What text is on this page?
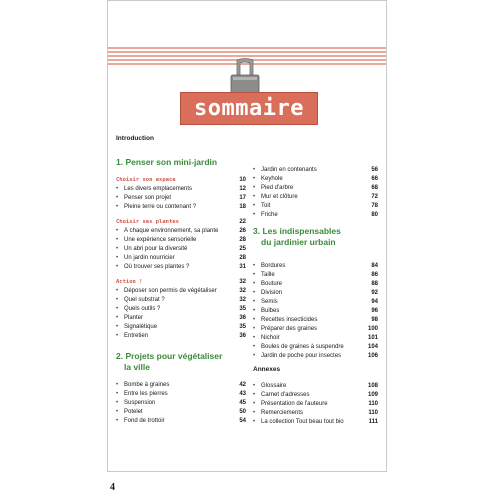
sommaire
Introduction
1. Penser son mini-jardin
Choisir son espace	10
• Les divers emplacements	12
• Penser son projet	17
• Pleine terre ou contenant ?	18
Choisir ses plantes	22
• À chaque environnement, sa plante	26
• Une expérience sensorielle	28
• Un abri pour la diversité	25
• Un jardin nourricier	28
• Où trouver ses plantes ?	31
Action !	32
• Déposer son permis de végétaliser	32
• Quel substrat ?	32
• Quels outils ?	35
• Planter	36
• Signalétique	35
• Entretien	36
2. Projets pour végétaliser
la ville
• Bombe à graines	42
• Entre les pierres	43
• Suspension	45
• Potelet	50
• Fond de trottoir	54
• Jardin en contenants	56
• Keyhole	66
• Pied d'arbre	68
• Mur et clôture	72
• Toit	78
• Friche	80
3. Les indispensables
du jardinier urbain
• Bordures	84
• Taille	86
• Bouture	88
• Division	92
• Semis	94
• Bulbes	96
• Recettes insecticides	98
• Préparer des graines	100
• Nichoir	101
• Boules de graines à suspendre	104
• Jardin de poche pour insectes	106
Annexes
• Glossaire	108
• Carnet d'adresses	109
• Présentation de l'auteure	110
• Remerciements	110
• La collection Tout beau tout bio	111
4
